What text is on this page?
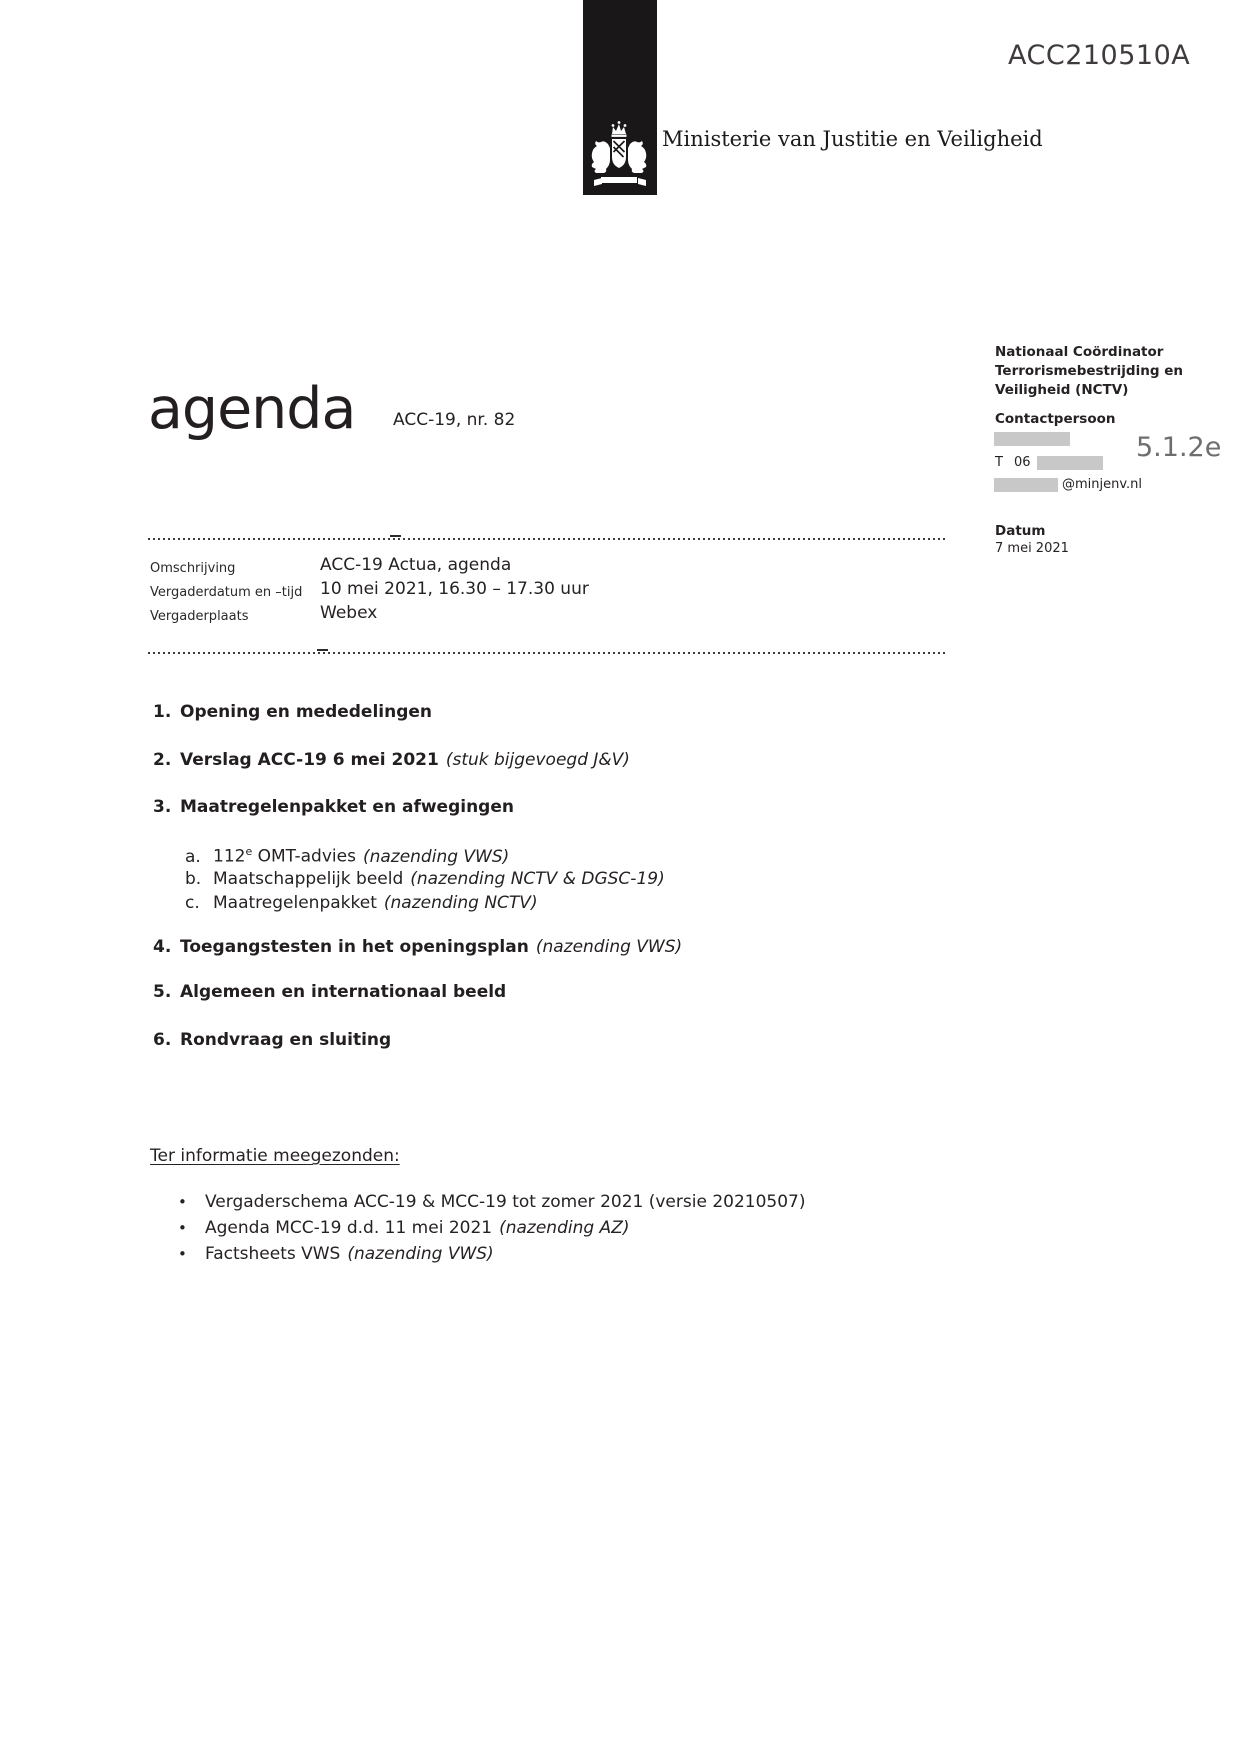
ACC210510A
Ministerie van Justitie en Veiligheid
Nationaal Coördinator
Terrorismebestrijding en
Veiligheid (NCTV)
Contactpersoon
5.1.2e
T 06
@minjenv.nl
Datum
7 mei 2021
agenda ACC-19, nr. 82
Omschrijving	ACC-19 Actua, agenda
Vergaderdatum en –tijd 10 mei 2021, 16.30 – 17.30 uur
Vergaderplaats	Webex
1. Opening en mededelingen
2. Verslag ACC-19 6 mei 2021 (stuk bijgevoegd J&V)
3. Maatregelenpakket en afwegingen
a. 112e OMT-advies (nazending VWS)
b. Maatschappelijk beeld (nazending NCTV & DGSC-19)
c. Maatregelenpakket (nazending NCTV)
4. Toegangstesten in het openingsplan (nazending VWS)
5. Algemeen en internationaal beeld
6. Rondvraag en sluiting
Ter informatie meegezonden:
• Vergaderschema ACC-19 & MCC-19 tot zomer 2021 (versie 20210507)
• Agenda MCC-19 d.d. 11 mei 2021 (nazending AZ)
• Factsheets VWS (nazending VWS)
